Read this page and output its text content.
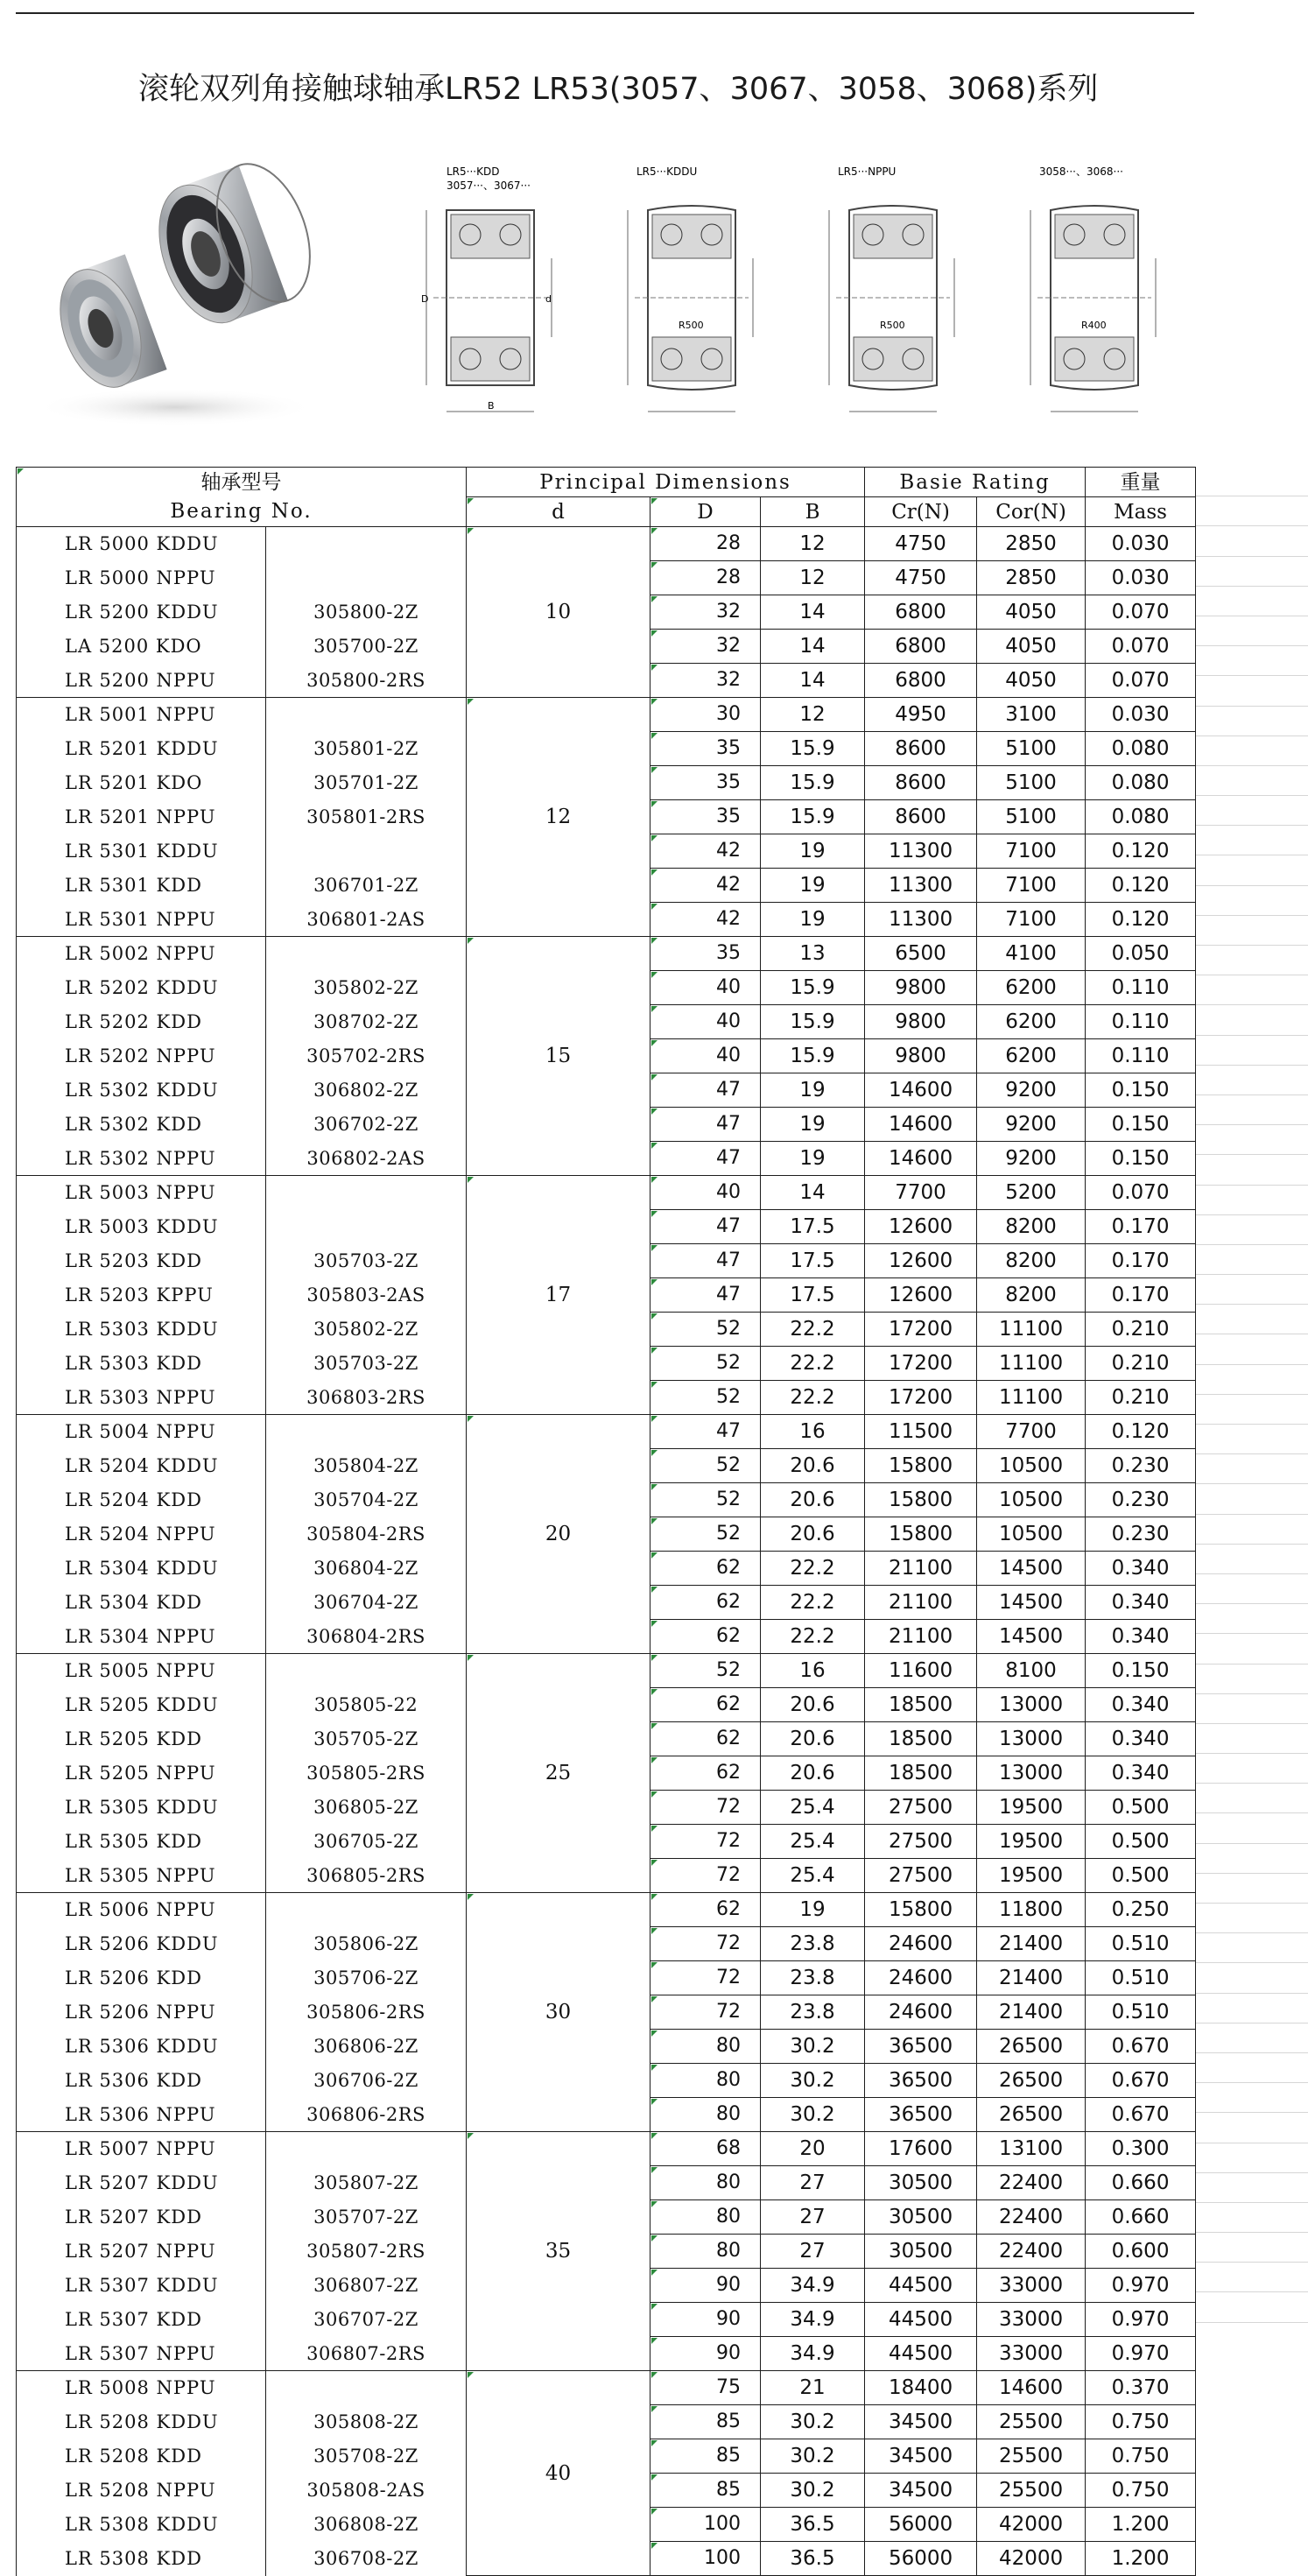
滚轮双列角接触球轴承LR52 LR53(3057、3067、3058、3068)系列
LR5···KDD
3057···、3067···
D	d
B
LR5···KDDU
R500
LR5···NPPU
R500
3058···、3068···
R400
轴承型号		Principal Dimensions			Basie Rating		重量
Bearing No.		d	D	B	Cr(N)	Cor(N)	Mass
LR 5000 KDDU		10	28	12	4750	2850	0.030
LR 5000 NPPU			28	12	4750	2850	0.030
LR 5200 KDDU	305800-2Z		32	14	6800	4050	0.070
LA 5200 KDO	305700-2Z		32	14	6800	4050	0.070
LR 5200 NPPU	305800-2RS		32	14	6800	4050	0.070
LR 5001 NPPU		12	30	12	4950	3100	0.030
LR 5201 KDDU	305801-2Z		35	15.9	8600	5100	0.080
LR 5201 KDO	305701-2Z		35	15.9	8600	5100	0.080
LR 5201 NPPU	305801-2RS		35	15.9	8600	5100	0.080
LR 5301 KDDU			42	19	11300	7100	0.120
LR 5301 KDD	306701-2Z		42	19	11300	7100	0.120
LR 5301 NPPU	306801-2AS		42	19	11300	7100	0.120
LR 5002 NPPU		15	35	13	6500	4100	0.050
LR 5202 KDDU	305802-2Z		40	15.9	9800	6200	0.110
LR 5202 KDD	308702-2Z		40	15.9	9800	6200	0.110
LR 5202 NPPU	305702-2RS		40	15.9	9800	6200	0.110
LR 5302 KDDU	306802-2Z		47	19	14600	9200	0.150
LR 5302 KDD	306702-2Z		47	19	14600	9200	0.150
LR 5302 NPPU	306802-2AS		47	19	14600	9200	0.150
LR 5003 NPPU		17	40	14	7700	5200	0.070
LR 5003 KDDU			47	17.5	12600	8200	0.170
LR 5203 KDD	305703-2Z		47	17.5	12600	8200	0.170
LR 5203 KPPU	305803-2AS		47	17.5	12600	8200	0.170
LR 5303 KDDU	305802-2Z		52	22.2	17200	11100	0.210
LR 5303 KDD	305703-2Z		52	22.2	17200	11100	0.210
LR 5303 NPPU	306803-2RS		52	22.2	17200	11100	0.210
LR 5004 NPPU		20	47	16	11500	7700	0.120
LR 5204 KDDU	305804-2Z		52	20.6	15800	10500	0.230
LR 5204 KDD	305704-2Z		52	20.6	15800	10500	0.230
LR 5204 NPPU	305804-2RS		52	20.6	15800	10500	0.230
LR 5304 KDDU	306804-2Z		62	22.2	21100	14500	0.340
LR 5304 KDD	306704-2Z		62	22.2	21100	14500	0.340
LR 5304 NPPU	306804-2RS		62	22.2	21100	14500	0.340
LR 5005 NPPU		25	52	16	11600	8100	0.150
LR 5205 KDDU	305805-22		62	20.6	18500	13000	0.340
LR 5205 KDD	305705-2Z		62	20.6	18500	13000	0.340
LR 5205 NPPU	305805-2RS		62	20.6	18500	13000	0.340
LR 5305 KDDU	306805-2Z		72	25.4	27500	19500	0.500
LR 5305 KDD	306705-2Z		72	25.4	27500	19500	0.500
LR 5305 NPPU	306805-2RS		72	25.4	27500	19500	0.500
LR 5006 NPPU		30	62	19	15800	11800	0.250
LR 5206 KDDU	305806-2Z		72	23.8	24600	21400	0.510
LR 5206 KDD	305706-2Z		72	23.8	24600	21400	0.510
LR 5206 NPPU	305806-2RS		72	23.8	24600	21400	0.510
LR 5306 KDDU	306806-2Z		80	30.2	36500	26500	0.670
LR 5306 KDD	306706-2Z		80	30.2	36500	26500	0.670
LR 5306 NPPU	306806-2RS		80	30.2	36500	26500	0.670
LR 5007 NPPU		35	68	20	17600	13100	0.300
LR 5207 KDDU	305807-2Z		80	27	30500	22400	0.660
LR 5207 KDD	305707-2Z		80	27	30500	22400	0.660
LR 5207 NPPU	305807-2RS		80	27	30500	22400	0.600
LR 5307 KDDU	306807-2Z		90	34.9	44500	33000	0.970
LR 5307 KDD	306707-2Z		90	34.9	44500	33000	0.970
LR 5307 NPPU	306807-2RS		90	34.9	44500	33000	0.970
LR 5008 NPPU		40	75	21	18400	14600	0.370
LR 5208 KDDU	305808-2Z		85	30.2	34500	25500	0.750
LR 5208 KDD	305708-2Z		85	30.2	34500	25500	0.750
LR 5208 NPPU	305808-2AS		85	30.2	34500	25500	0.750
LR 5308 KDDU	306808-2Z		100	36.5	56000	42000	1.200
LR 5308 KDD	306708-2Z		100	36.5	56000	42000	1.200
